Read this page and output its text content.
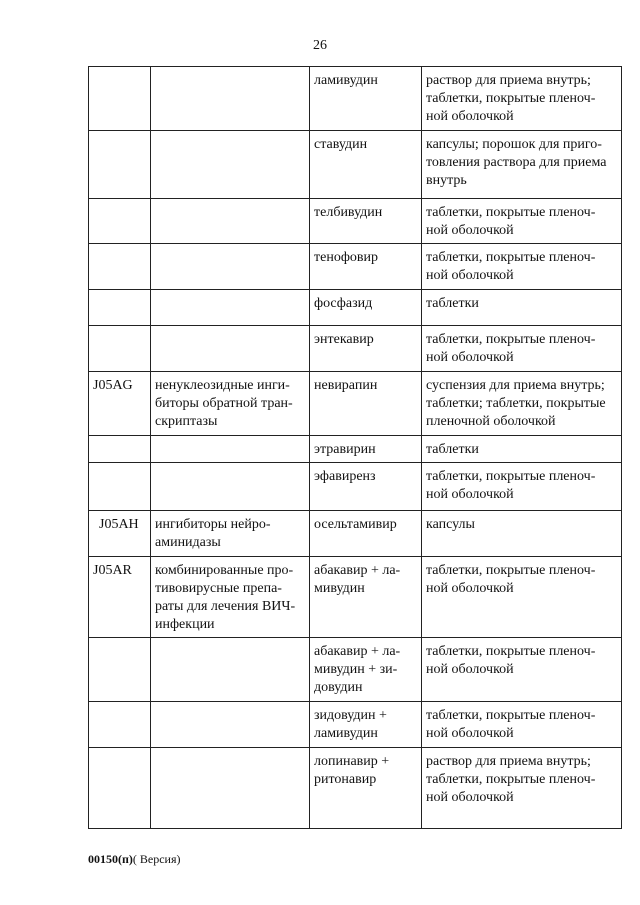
26
		ламивудин	раствор для приема внутрь; таблетки, покрытые пленоч-ной оболочкой
		ставудин	капсулы; порошок для приго-товления раствора для приема внутрь
		телбивудин	таблетки, покрытые пленоч-ной оболочкой
		тенофовир	таблетки, покрытые пленоч-ной оболочкой
		фосфазид	таблетки
		энтекавир	таблетки, покрытые пленоч-ной оболочкой
J05AG	ненуклеозидные инги-биторы обратной тран-скриптазы	невирапин	суспензия для приема внутрь; таблетки; таблетки, покрытые пленочной оболочкой
		этравирин	таблетки
		эфавиренз	таблетки, покрытые пленоч-ной оболочкой
J05AH	ингибиторы нейро-аминидазы	осельтамивир	капсулы
J05AR	комбинированные про-тивовирусные препа-раты для лечения ВИЧ-инфекции	абакавир + ла-мивудин	таблетки, покрытые пленоч-ной оболочкой
		абакавир + ла-мивудин + зи-довудин	таблетки, покрытые пленоч-ной оболочкой
		зидовудин + ламивудин	таблетки, покрытые пленоч-ной оболочкой
		лопинавир + ритонавир	раствор для приема внутрь; таблетки, покрытые пленоч-ной оболочкой
00150(п)( Версия)
